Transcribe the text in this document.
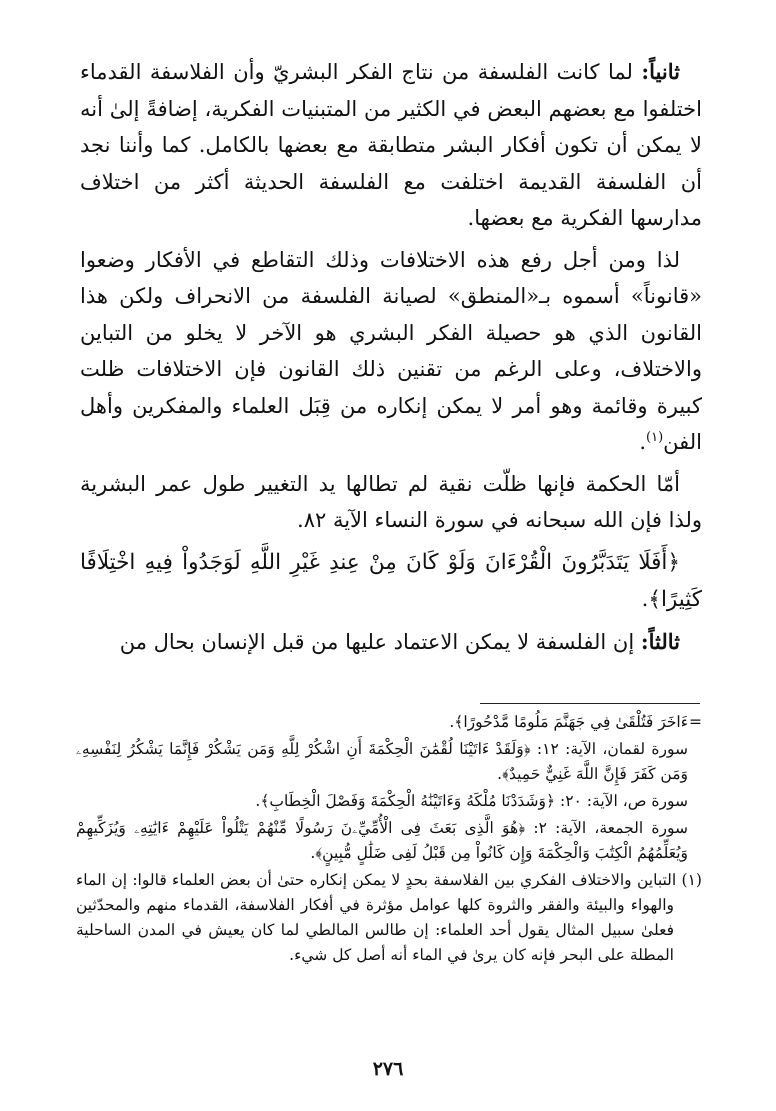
ثانياً: لما كانت الفلسفة من نتاج الفكر البشريّ وأن الفلاسفة القدماء اختلفوا مع بعضهم البعض في الكثير من المتبنيات الفكرية، إضافةً إلىٰ أنه لا يمكن أن تكون أفكار البشر متطابقة مع بعضها بالكامل. كما وأننا نجد أن الفلسفة القديمة اختلفت مع الفلسفة الحديثة أكثر من اختلاف مدارسها الفكرية مع بعضها.

لذا ومن أجل رفع هذه الاختلافات وذلك التقاطع في الأفكار وضعوا «قانوناً» أسموه بـ«المنطق» لصيانة الفلسفة من الانحراف ولكن هذا القانون الذي هو حصيلة الفكر البشري هو الآخر لا يخلو من التباين والاختلاف، وعلى الرغم من تقنين ذلك القانون فإن الاختلافات ظلت كبيرة وقائمة وهو أمر لا يمكن إنكاره من قِبَل العلماء والمفكرين وأهل الفن$^{(١)}$.

أمّا الحكمة فإنها ظلّت نقية لم تطالها يد التغيير طول عمر البشرية ولذا فإن الله سبحانه في سورة النساء الآية ٨٢.

﴿أَفَلَا يَتَدَبَّرُونَ الْقُرْءَانَ وَلَوْ كَانَ مِنْ عِندِ غَيْرِ اللَّهِ لَوَجَدُواْ فِيهِ اخْتِلَافًا كَثِيرًا﴾.

ثالثاً: إن الفلسفة لا يمكن الاعتماد عليها من قبل الإنسان بحال من

=ءَاخَرَ فَتُلْقَىٰ فِي جَهَنَّمَ مَلُومًا مَّدْحُورًا﴾.

سورة لقمان، الآية: ١٢: ﴿وَلَقَدْ ءَاتَيْنَا لُقْمَٰنَ الْحِكْمَةَ أَنِ اشْكُرْ لِلَّهِ وَمَن يَشْكُرْ فَإِنَّمَا يَشْكُرُ لِنَفْسِهِۦ وَمَن كَفَرَ فَإِنَّ اللَّهَ غَنِيٌّ حَمِيدٌ﴾.

سورة ص، الآية: ٢٠: ﴿وَشَدَدْنَا مُلْكَهُ وَءَاتَيْنَٰهُ الْحِكْمَةَ وَفَصْلَ الْخِطَابِ﴾.

سورة الجمعة، الآية: ٢: ﴿هُوَ الَّذِى بَعَثَ فِى الْأُمِّيِّۦنَ رَسُولًا مِّنْهُمْ يَتْلُواْ عَلَيْهِمْ ءَايَٰتِهِۦ وَيُزَكِّيهِمْ وَيُعَلِّمُهُمُ الْكِتَٰبَ وَالْحِكْمَةَ وَإِن كَانُواْ مِن قَبْلُ لَفِى ضَلَٰلٍ مُّبِينٍ﴾.

(١) التباين والاختلاف الفكري بين الفلاسفة بحدٍ لا يمكن إنكاره حتىٰ أن بعض العلماء قالوا: إن الماء والهواء والبيئة والفقر والثروة كلها عوامل مؤثرة في أفكار الفلاسفة، القدماء منهم والمحدّثين فعلىٰ سبيل المثال يقول أحد العلماء: إن طالس المالطي لما كان يعيش في المدن الساحلية المطلة على البحر فإنه كان يرىٰ في الماء أنه أصل كل شيء.

٢٧٦
